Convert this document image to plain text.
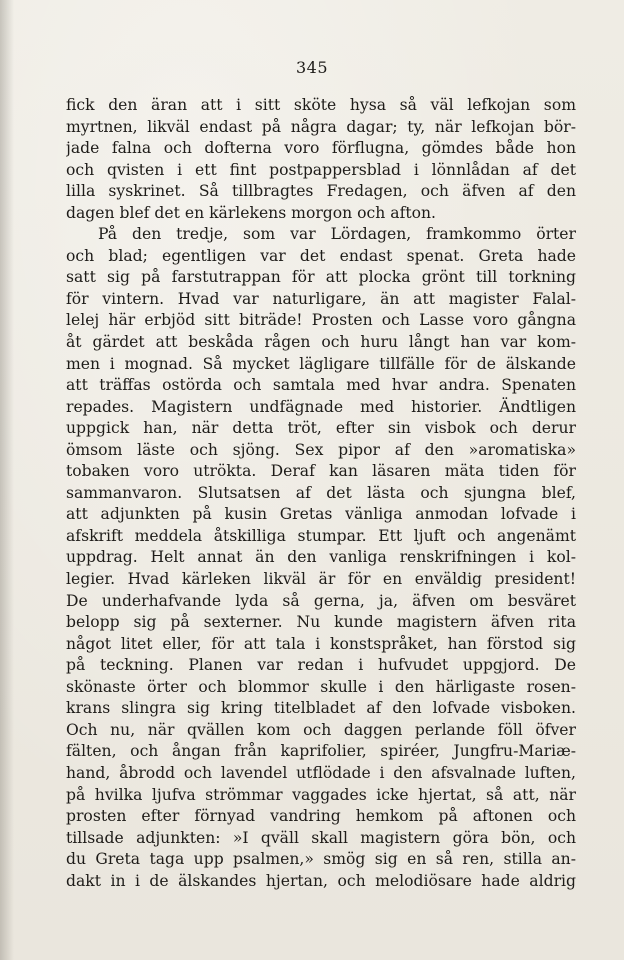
345
fick den äran att i sitt sköte hysa så väl lefkojan som
myrtnen, likväl endast på några dagar; ty, när lefkojan bör-
jade falna och dofterna voro förflugna, gömdes både hon
och qvisten i ett fint postpappersblad i lönnlådan af det
lilla syskrinet. Så tillbragtes Fredagen, och äfven af den
dagen blef det en kärlekens morgon och afton.
På den tredje, som var Lördagen, framkommo örter
och blad; egentligen var det endast spenat. Greta hade
satt sig på farstutrappan för att plocka grönt till torkning
för vintern. Hvad var naturligare, än att magister Falal-
lelej här erbjöd sitt biträde! Prosten och Lasse voro gångna
åt gärdet att beskåda rågen och huru långt han var kom-
men i mognad. Så mycket lägligare tillfälle för de älskande
att träffas ostörda och samtala med hvar andra. Spenaten
repades. Magistern undfägnade med historier. Ändtligen
uppgick han, när detta tröt, efter sin visbok och derur
ömsom läste och sjöng. Sex pipor af den »aromatiska»
tobaken voro utrökta. Deraf kan läsaren mäta tiden för
sammanvaron. Slutsatsen af det lästa och sjungna blef,
att adjunkten på kusin Gretas vänliga anmodan lofvade i
afskrift meddela åtskilliga stumpar. Ett ljuft och angenämt
uppdrag. Helt annat än den vanliga renskrifningen i kol-
legier. Hvad kärleken likväl är för en enväldig president!
De underhafvande lyda så gerna, ja, äfven om besväret
belopp sig på sexterner. Nu kunde magistern äfven rita
något litet eller, för att tala i konstspråket, han förstod sig
på teckning. Planen var redan i hufvudet uppgjord. De
skönaste örter och blommor skulle i den härligaste rosen-
krans slingra sig kring titelbladet af den lofvade visboken.
Och nu, när qvällen kom och daggen perlande föll öfver
fälten, och ångan från kaprifolier, spiréer, Jungfru-Mariæ-
hand, åbrodd och lavendel utflödade i den afsvalnade luften,
på hvilka ljufva strömmar vaggades icke hjertat, så att, när
prosten efter förnyad vandring hemkom på aftonen och
tillsade adjunkten: »I qväll skall magistern göra bön, och
du Greta taga upp psalmen,» smög sig en så ren, stilla an-
dakt in i de älskandes hjertan, och melodiösare hade aldrig
